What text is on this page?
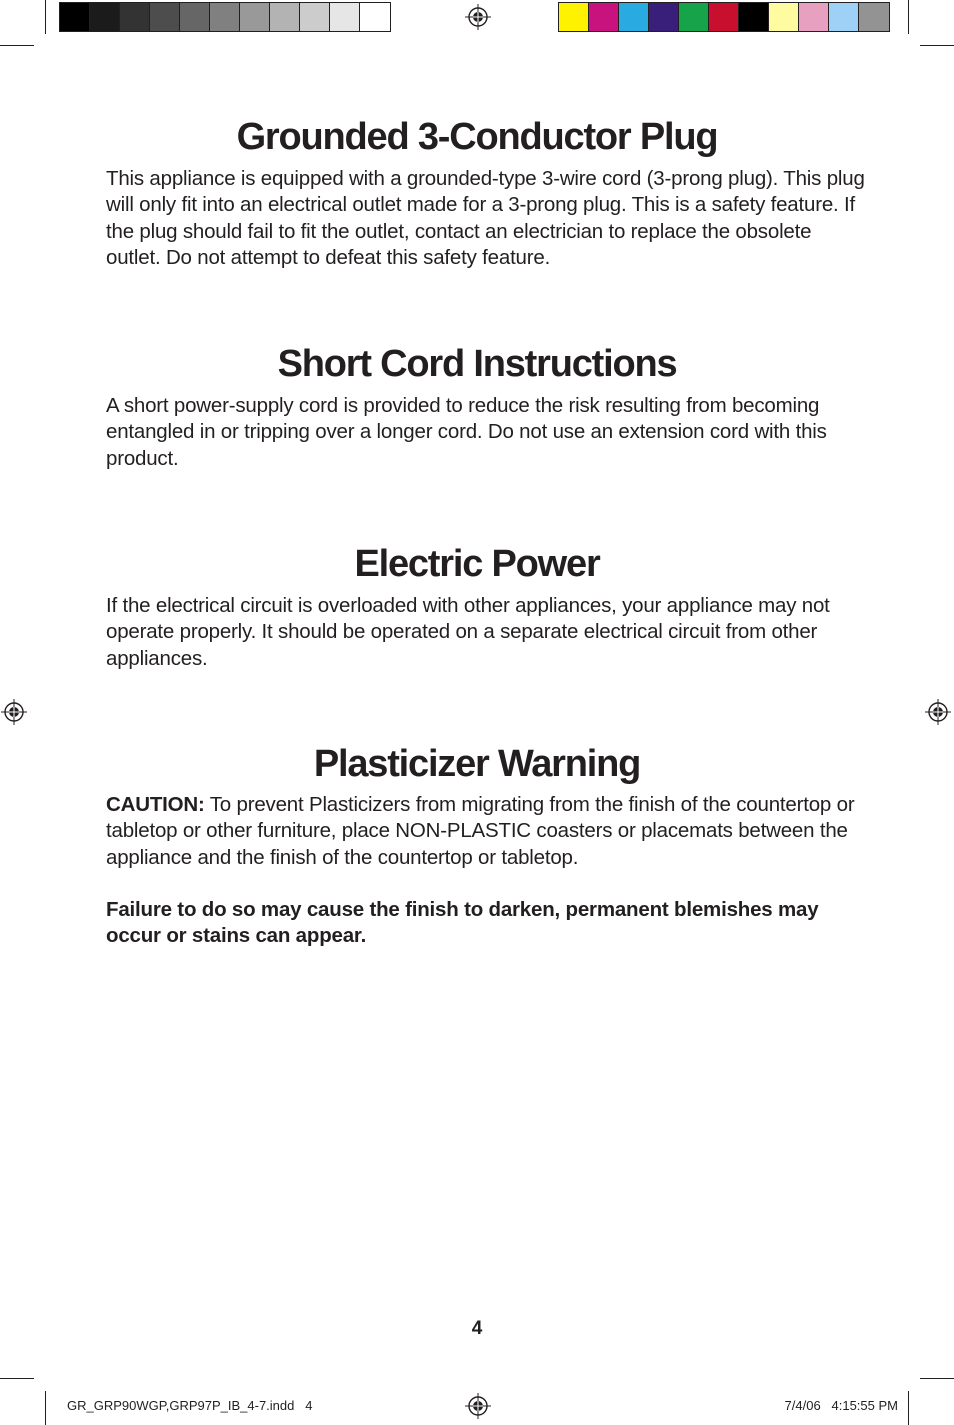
Grounded 3-Conductor Plug

This appliance is equipped with a grounded-type 3-wire cord (3-prong plug). This plug will only fit into an electrical outlet made for a 3-prong plug. This is a safety feature. If the plug should fail to fit the outlet, contact an electrician to replace the obsolete outlet. Do not attempt to defeat this safety feature.

Short Cord Instructions

A short power-supply cord is provided to reduce the risk resulting from becoming entangled in or tripping over a longer cord. Do not use an extension cord with this product.

Electric Power

If the electrical circuit is overloaded with other appliances, your appliance may not operate properly. It should be operated on a separate electrical circuit from other appliances.

Plasticizer Warning

CAUTION: To prevent Plasticizers from migrating from the finish of the countertop or tabletop or other furniture, place NON-PLASTIC coasters or placemats between the appliance and the finish of the countertop or tabletop.

Failure to do so may cause the finish to darken, permanent blemishes may occur or stains can appear.

4
GR_GRP90WGP,GRP97P_IB_4-7.indd   4	7/4/06   4:15:55 PM
